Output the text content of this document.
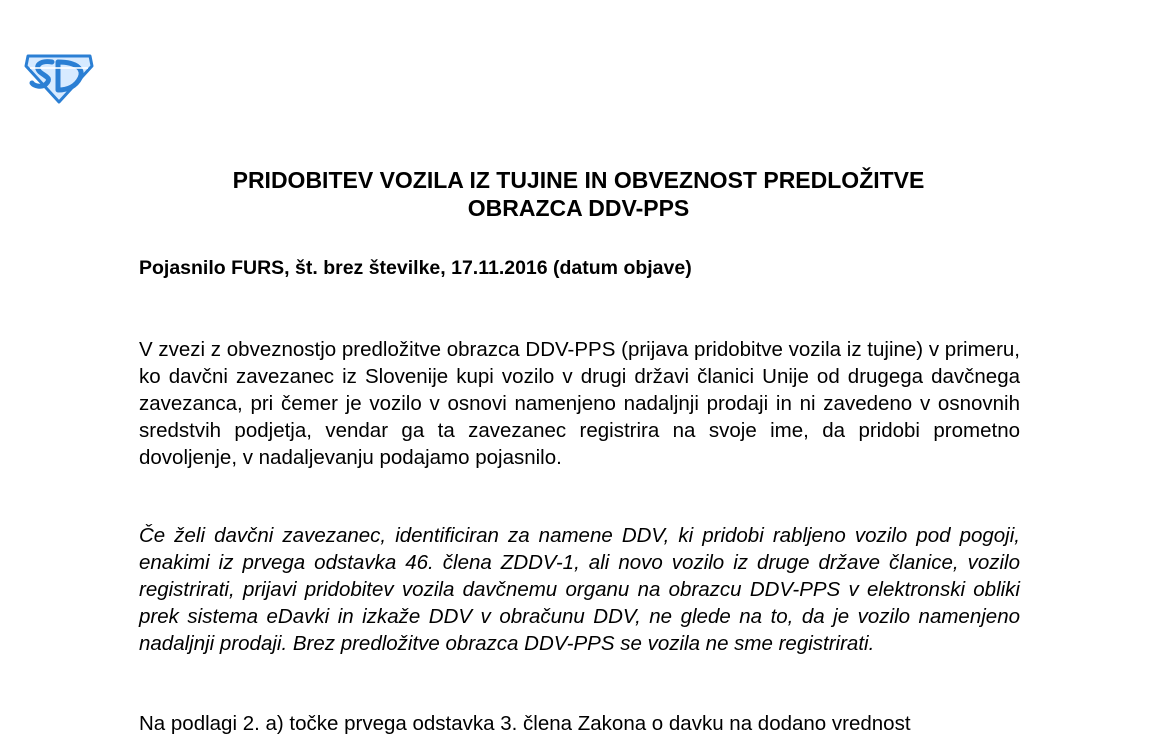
PRIDOBITEV VOZILA IZ TUJINE IN OBVEZNOST PREDLOŽITVE
OBRAZCA DDV-PPS

Pojasnilo FURS, št. brez številke, 17.11.2016 (datum objave)

V zvezi z obveznostjo predložitve obrazca DDV-PPS (prijava pridobitve vozila iz tujine) v primeru, ko davčni zavezanec iz Slovenije kupi vozilo v drugi državi članici Unije od drugega davčnega zavezanca, pri čemer je vozilo v osnovi namenjeno nadaljnji prodaji in ni zavedeno v osnovnih sredstvih podjetja, vendar ga ta zavezanec registrira na svoje ime, da pridobi prometno dovoljenje, v nadaljevanju podajamo pojasnilo.

Če želi davčni zavezanec, identificiran za namene DDV, ki pridobi rabljeno vozilo pod pogoji, enakimi iz prvega odstavka 46. člena ZDDV-1, ali novo vozilo iz druge države članice, vozilo registrirati, prijavi pridobitev vozila davčnemu organu na obrazcu DDV-PPS v elektronski obliki prek sistema eDavki in izkaže DDV v obračunu DDV, ne glede na to, da je vozilo namenjeno nadaljnji prodaji. Brez predložitve obrazca DDV-PPS se vozila ne sme registrirati.

Na podlagi 2. a) točke prvega odstavka 3. člena Zakona o davku na dodano vrednost
